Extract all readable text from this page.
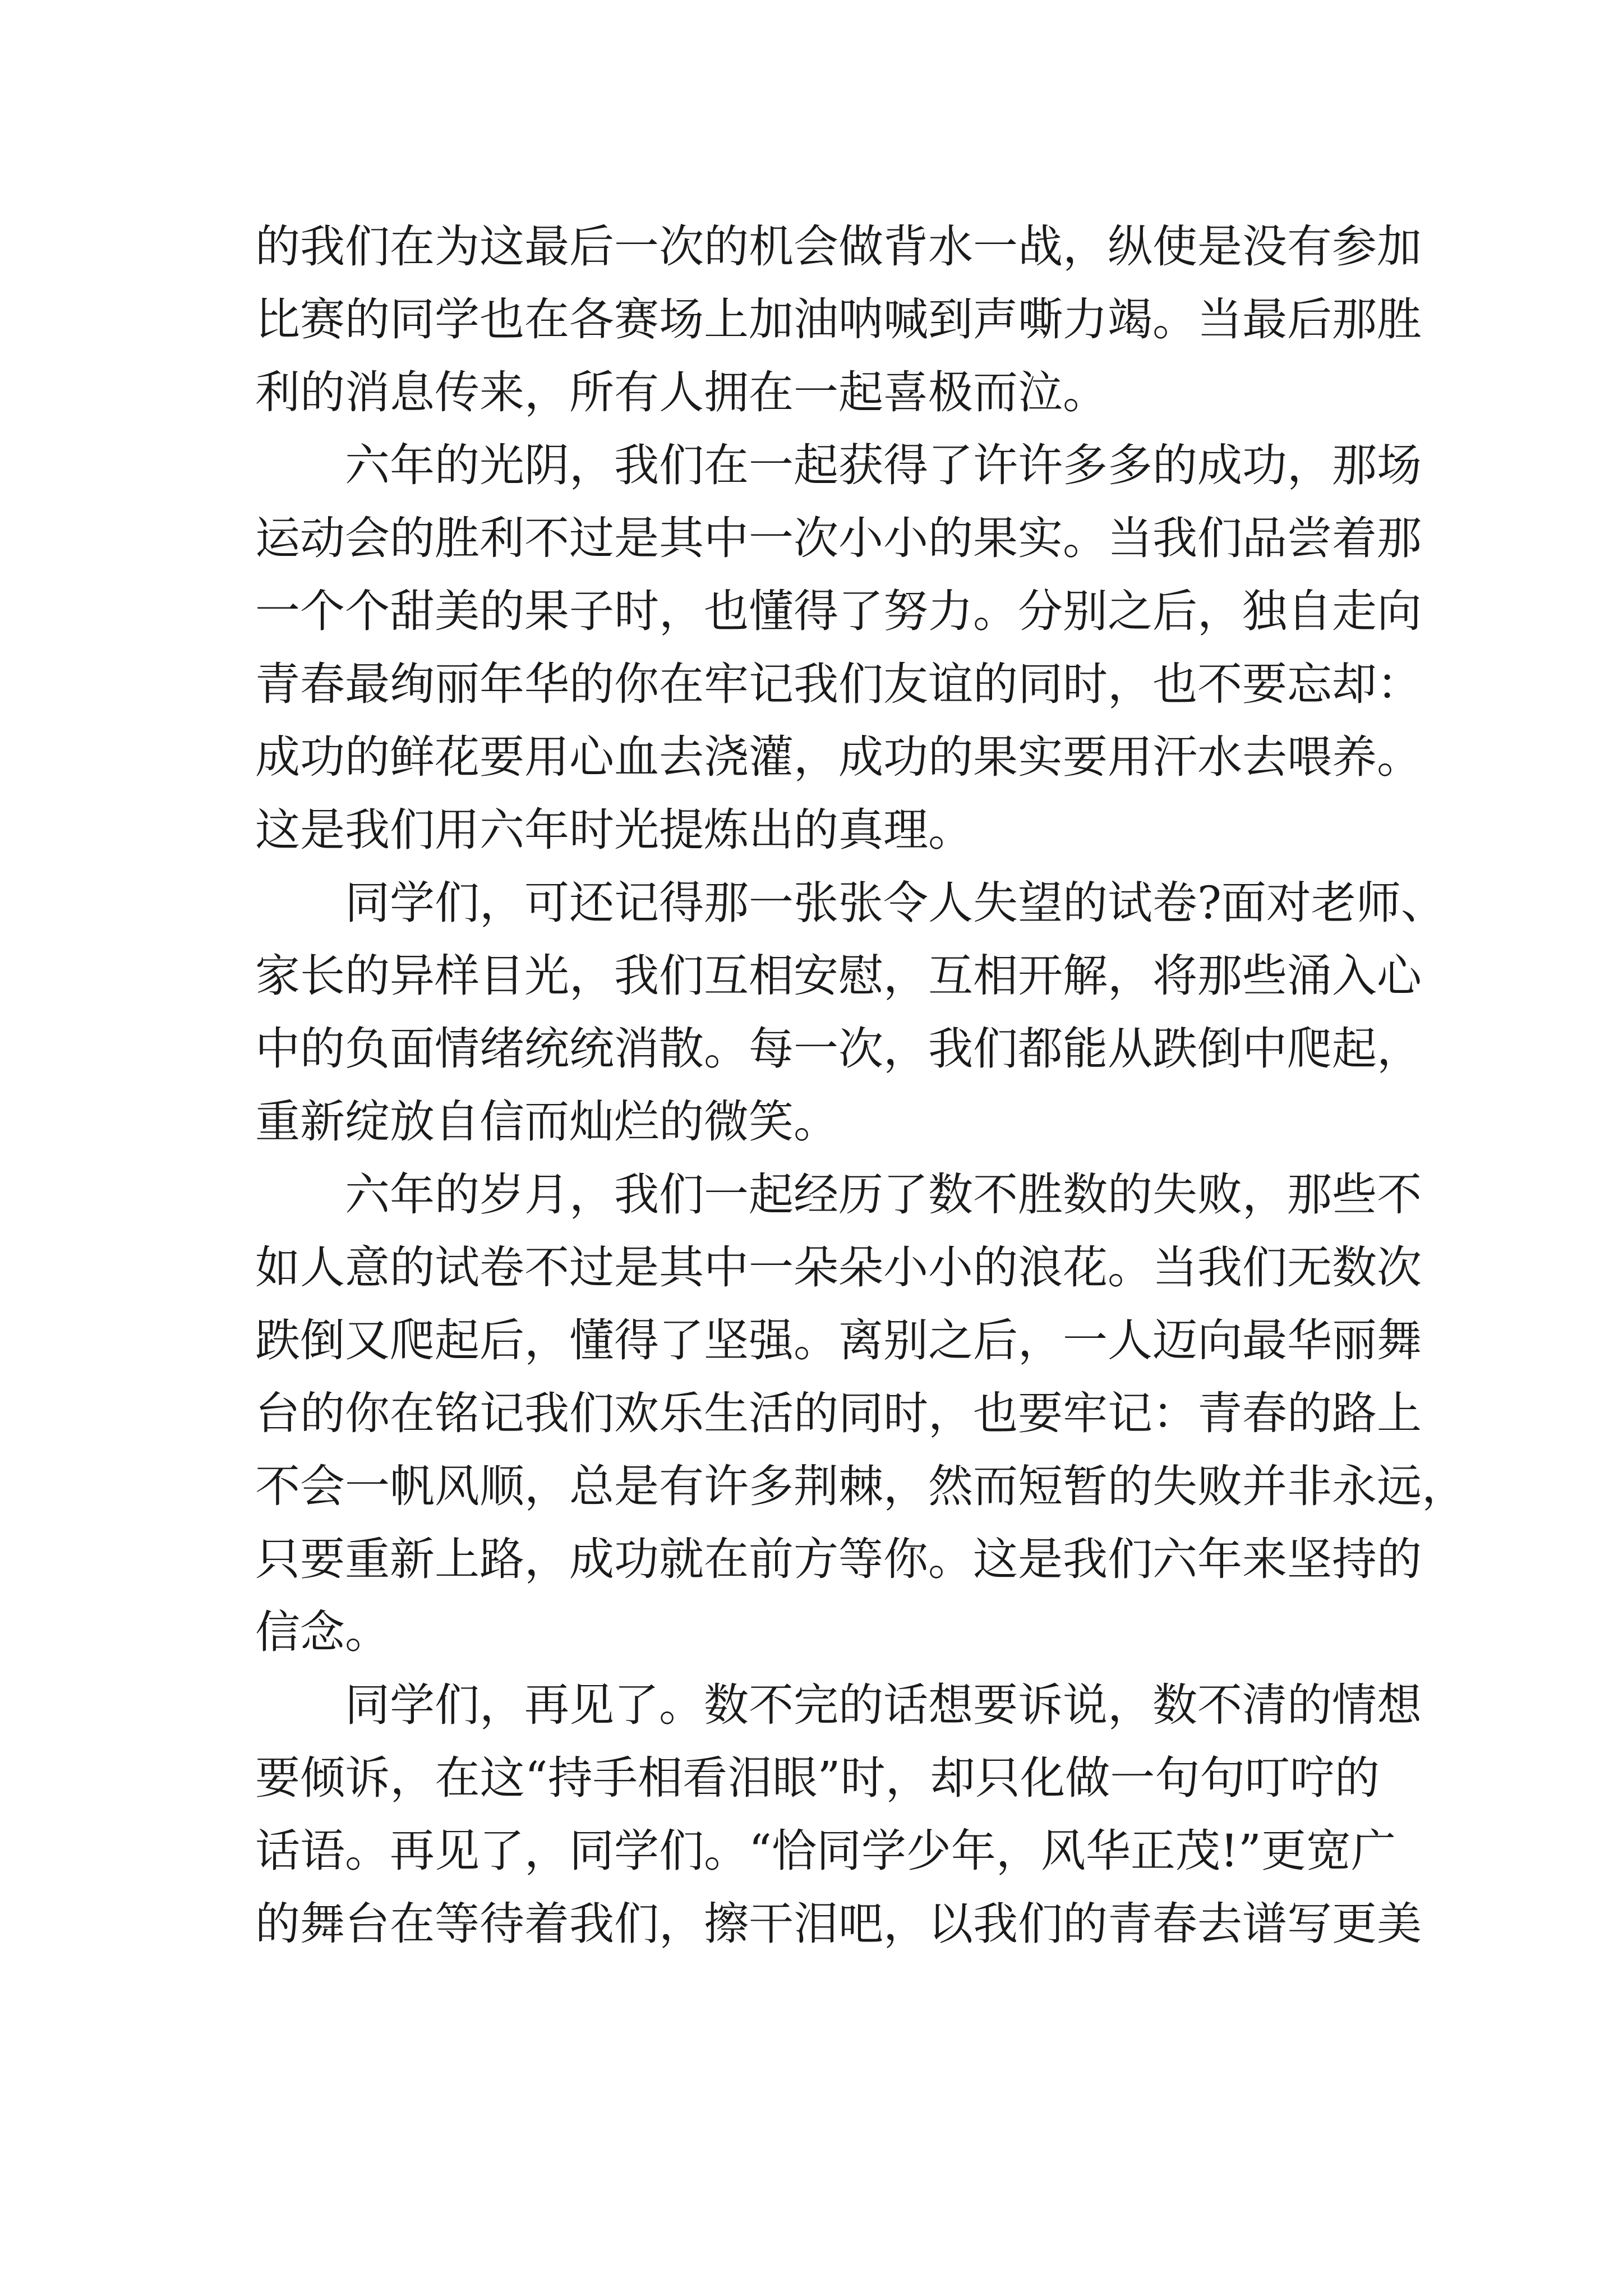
的我们在为这最后一次的机会做背水一战，纵使是没有参加
比赛的同学也在各赛场上加油呐喊到声嘶力竭。当最后那胜
利的消息传来，所有人拥在一起喜极而泣。
六年的光阴，我们在一起获得了许许多多的成功，那场
运动会的胜利不过是其中一次小小的果实。当我们品尝着那
一个个甜美的果子时，也懂得了努力。分别之后，独自走向
青春最绚丽年华的你在牢记我们友谊的同时，也不要忘却：
成功的鲜花要用心血去浇灌，成功的果实要用汗水去喂养。
这是我们用六年时光提炼出的真理。
同学们，可还记得那一张张令人失望的试卷?面对老师、
家长的异样目光，我们互相安慰，互相开解，将那些涌入心
中的负面情绪统统消散。每一次，我们都能从跌倒中爬起，
重新绽放自信而灿烂的微笑。
六年的岁月，我们一起经历了数不胜数的失败，那些不
如人意的试卷不过是其中一朵朵小小的浪花。当我们无数次
跌倒又爬起后，懂得了坚强。离别之后，一人迈向最华丽舞
台的你在铭记我们欢乐生活的同时，也要牢记：青春的路上
不会一帆风顺，总是有许多荆棘，然而短暂的失败并非永远，
只要重新上路，成功就在前方等你。这是我们六年来坚持的
信念。
同学们，再见了。数不完的话想要诉说，数不清的情想
要倾诉，在这“持手相看泪眼”时，却只化做一句句叮咛的
话语。再见了，同学们。“恰同学少年，风华正茂!”更宽广
的舞台在等待着我们，擦干泪吧，以我们的青春去谱写更美
